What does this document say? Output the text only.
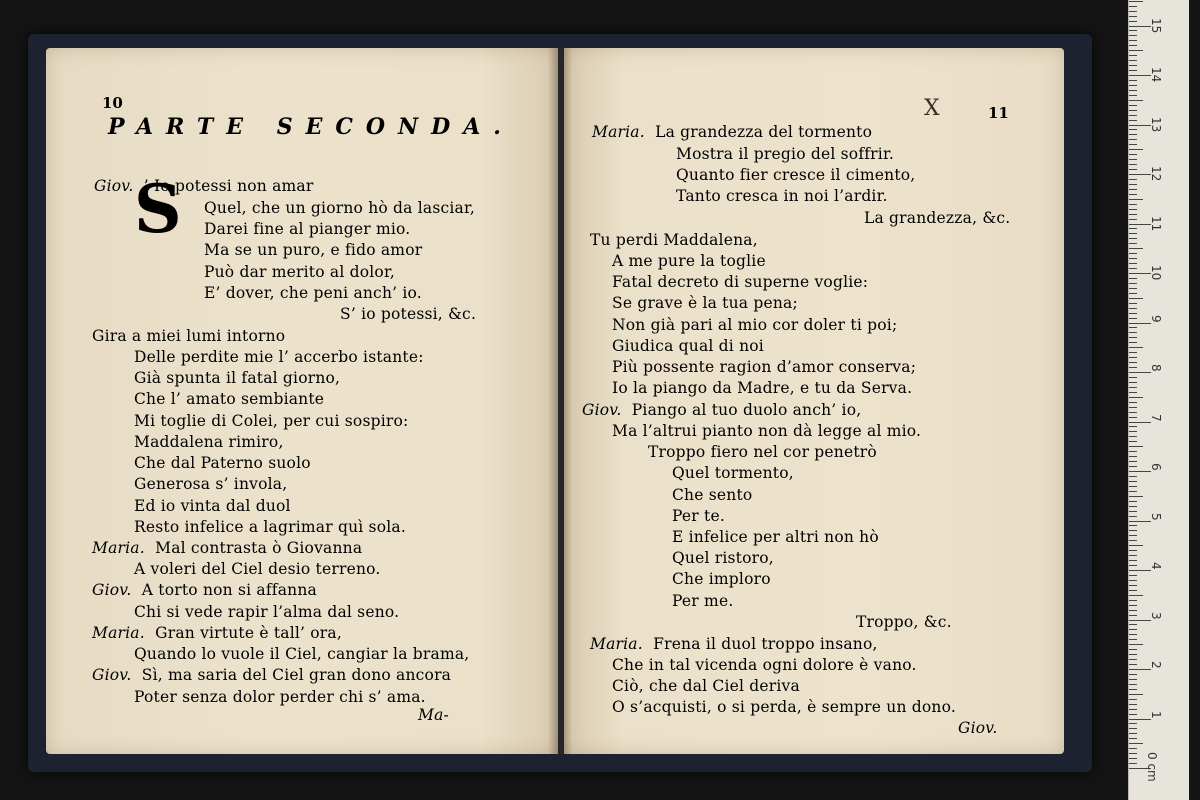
10
PARTE SECONDA.
S
Giov. ’ Io potessi non amar
Quel, che un giorno hò da lasciar,
Darei fine al pianger mio.
Ma se un puro, e fido amor
Può dar merito al dolor,
E’ dover, che peni anch’ io.
S’ io potessi, &c.
Gira a miei lumi intorno
Delle perdite mie l’ accerbo istante:
Già spunta il fatal giorno,
Che l’ amato sembiante
Mi toglie di Colei, per cui sospiro:
Maddalena rimiro,
Che dal Paterno suolo
Generosa s’ invola,
Ed io vinta dal duol
Resto infelice a lagrimar quì sola.
Maria. Mal contrasta ò Giovanna
A voleri del Ciel desio terreno.
Giov. A torto non si affanna
Chi si vede rapir l’alma dal seno.
Maria. Gran virtute è tall’ ora,
Quando lo vuole il Ciel, cangiar la brama,
Giov. Sì, ma saria del Ciel gran dono ancora
Poter senza dolor perder chi s’ ama.
Ma-
X	11
Maria. La grandezza del tormento
Mostra il pregio del soffrir.
Quanto fier cresce il cimento,
Tanto cresca in noi l’ardir.
La grandezza, &c.
Tu perdi Maddalena,
A me pure la toglie
Fatal decreto di superne voglie:
Se grave è la tua pena;
Non già pari al mio cor doler ti poi;
Giudica qual di noi
Più possente ragion d’amor conserva;
Io la piango da Madre, e tu da Serva.
Giov. Piango al tuo duolo anch’ io,
Ma l’altrui pianto non dà legge al mio.
Troppo fiero nel cor penetrò
Quel tormento,
Che sento
Per te.
E infelice per altri non hò
Quel ristoro,
Che imploro
Per me.
Troppo, &c.
Maria. Frena il duol troppo insano,
Che in tal vicenda ogni dolore è vano.
Ciò, che dal Ciel deriva
O s’acquisti, o si perda, è sempre un dono.
Giov.
1
2
3
4
5
6
7
8
9
10
11
12
13
14
15
0 cm
